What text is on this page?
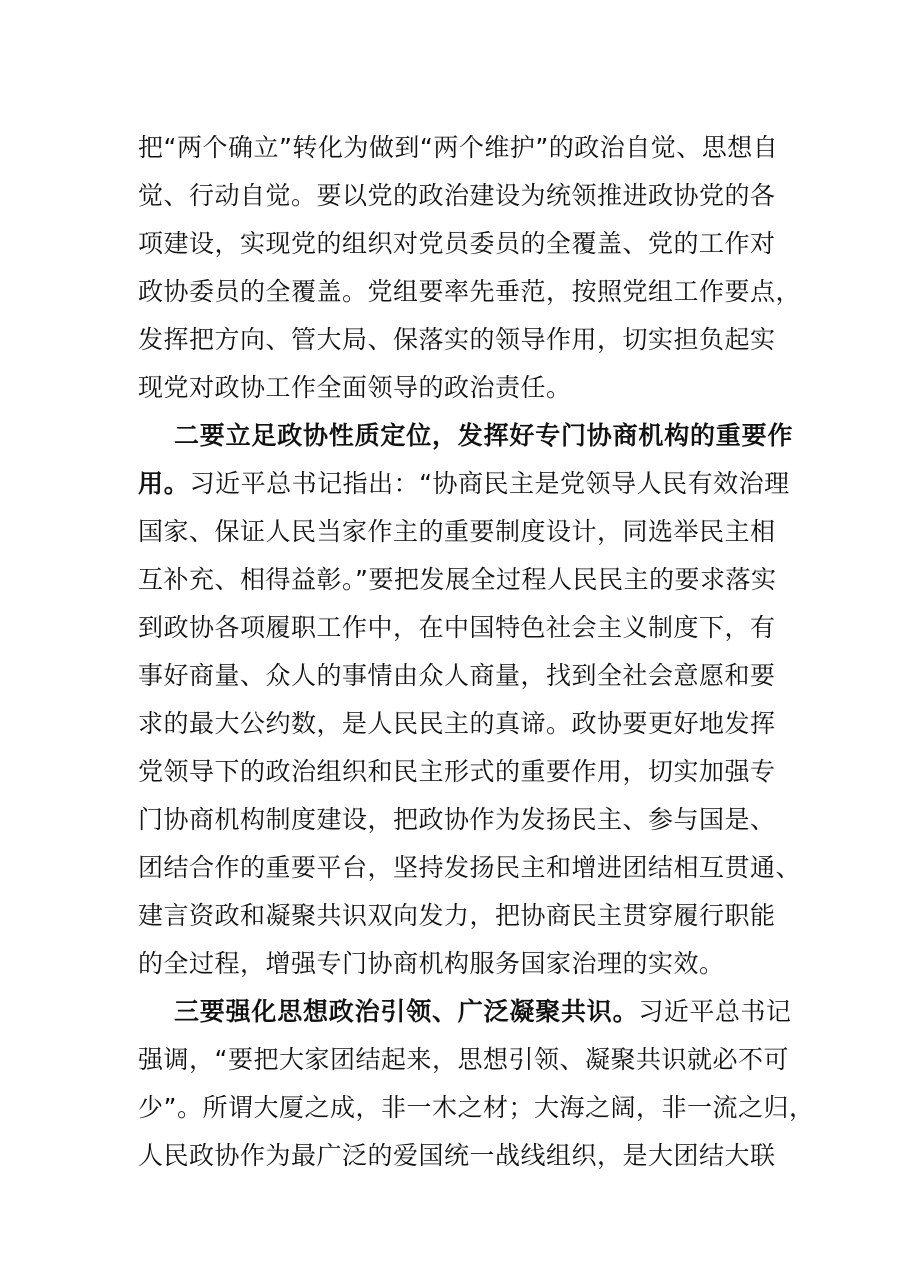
把“两个确立”转化为做到“两个维护”的政治自觉、思想自
觉、行动自觉。要以党的政治建设为统领推进政协党的各
项建设，实现党的组织对党员委员的全覆盖、党的工作对
政协委员的全覆盖。党组要率先垂范，按照党组工作要点，
发挥把方向、管大局、保落实的领导作用，切实担负起实
现党对政协工作全面领导的政治责任。
二要立足政协性质定位，发挥好专门协商机构的重要作
用。习近平总书记指出：“协商民主是党领导人民有效治理
国家、保证人民当家作主的重要制度设计，同选举民主相
互补充、相得益彰。”要把发展全过程人民民主的要求落实
到政协各项履职工作中，在中国特色社会主义制度下，有
事好商量、众人的事情由众人商量，找到全社会意愿和要
求的最大公约数，是人民民主的真谛。政协要更好地发挥
党领导下的政治组织和民主形式的重要作用，切实加强专
门协商机构制度建设，把政协作为发扬民主、参与国是、
团结合作的重要平台，坚持发扬民主和增进团结相互贯通、
建言资政和凝聚共识双向发力，把协商民主贯穿履行职能
的全过程，增强专门协商机构服务国家治理的实效。
三要强化思想政治引领、广泛凝聚共识。习近平总书记
强调，“要把大家团结起来，思想引领、凝聚共识就必不可
少”。所谓大厦之成，非一木之材；大海之阔，非一流之归，
人民政协作为最广泛的爱国统一战线组织，是大团结大联
